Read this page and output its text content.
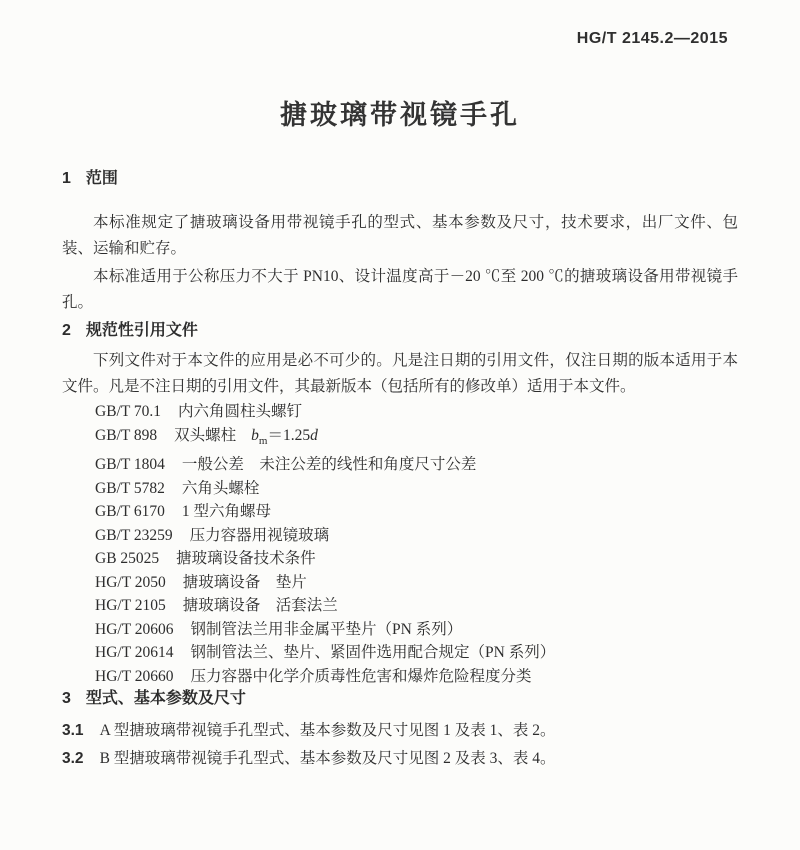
HG/T 2145.2—2015
搪玻璃带视镜手孔
1 范围

本标准规定了搪玻璃设备用带视镜手孔的型式、基本参数及尺寸，技术要求，出厂文件、包装、运输和贮存。

本标准适用于公称压力不大于 PN10、设计温度高于－20 ℃至 200 ℃的搪玻璃设备用带视镜手孔。

2 规范性引用文件

下列文件对于本文件的应用是必不可少的。凡是注日期的引用文件，仅注日期的版本适用于本文件。凡是不注日期的引用文件，其最新版本（包括所有的修改单）适用于本文件。

GB/T 70.1 内六角圆柱头螺钉
GB/T 898 双头螺柱 $b_m=1.25d$
GB/T 1804 一般公差　未注公差的线性和角度尺寸公差
GB/T 5782 六角头螺栓
GB/T 6170 1 型六角螺母
GB/T 23259 压力容器用视镜玻璃
GB 25025 搪玻璃设备技术条件
HG/T 2050 搪玻璃设备　垫片
HG/T 2105 搪玻璃设备　活套法兰
HG/T 20606 钢制管法兰用非金属平垫片（PN 系列）
HG/T 20614 钢制管法兰、垫片、紧固件选用配合规定（PN 系列）
HG/T 20660 压力容器中化学介质毒性危害和爆炸危险程度分类
3 型式、基本参数及尺寸

3.1 A 型搪玻璃带视镜手孔型式、基本参数及尺寸见图 1 及表 1、表 2。

3.2 B 型搪玻璃带视镜手孔型式、基本参数及尺寸见图 2 及表 3、表 4。
